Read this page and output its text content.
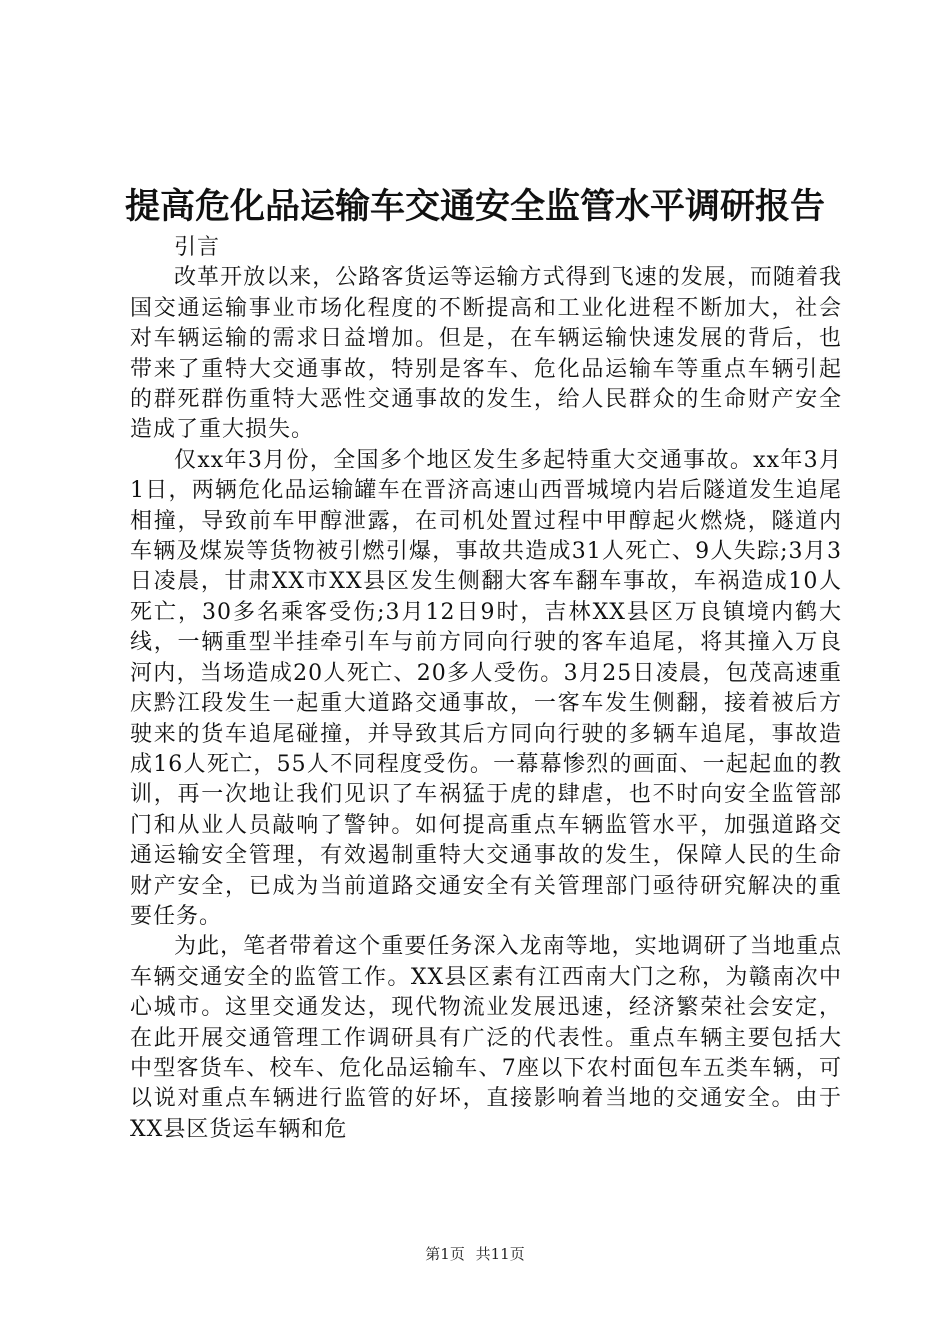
提高危化品运输车交通安全监管水平调研报告

引言

改革开放以来，公路客货运等运输方式得到飞速的发展，而随着我国交通运输事业市场化程度的不断提高和工业化进程不断加大，社会对车辆运输的需求日益增加。但是，在车辆运输快速发展的背后，也带来了重特大交通事故，特别是客车、危化品运输车等重点车辆引起的群死群伤重特大恶性交通事故的发生，给人民群众的生命财产安全造成了重大损失。

仅xx年3月份，全国多个地区发生多起特重大交通事故。xx年3月1日，两辆危化品运输罐车在晋济高速山西晋城境内岩后隧道发生追尾相撞，导致前车甲醇泄露，在司机处置过程中甲醇起火燃烧，隧道内车辆及煤炭等货物被引燃引爆，事故共造成31人死亡、9人失踪;3月3日凌晨，甘肃XX市XX县区发生侧翻大客车翻车事故，车祸造成10人死亡，30多名乘客受伤;3月12日9时，吉林XX县区万良镇境内鹤大线，一辆重型半挂牵引车与前方同向行驶的客车追尾，将其撞入万良河内，当场造成20人死亡、20多人受伤。3月25日凌晨，包茂高速重庆黔江段发生一起重大道路交通事故，一客车发生侧翻，接着被后方驶来的货车追尾碰撞，并导致其后方同向行驶的多辆车追尾，事故造成16人死亡，55人不同程度受伤。一幕幕惨烈的画面、一起起血的教训，再一次地让我们见识了车祸猛于虎的肆虐，也不时向安全监管部门和从业人员敲响了警钟。如何提高重点车辆监管水平，加强道路交通运输安全管理，有效遏制重特大交通事故的发生，保障人民的生命财产安全，已成为当前道路交通安全有关管理部门亟待研究解决的重要任务。

为此，笔者带着这个重要任务深入龙南等地，实地调研了当地重点车辆交通安全的监管工作。XX县区素有江西南大门之称，为赣南次中心城市。这里交通发达，现代物流业发展迅速，经济繁荣社会安定，在此开展交通管理工作调研具有广泛的代表性。重点车辆主要包括大中型客货车、校车、危化品运输车、7座以下农村面包车五类车辆，可以说对重点车辆进行监管的好坏，直接影响着当地的交通安全。由于XX县区货运车辆和危

第1页 共11页
